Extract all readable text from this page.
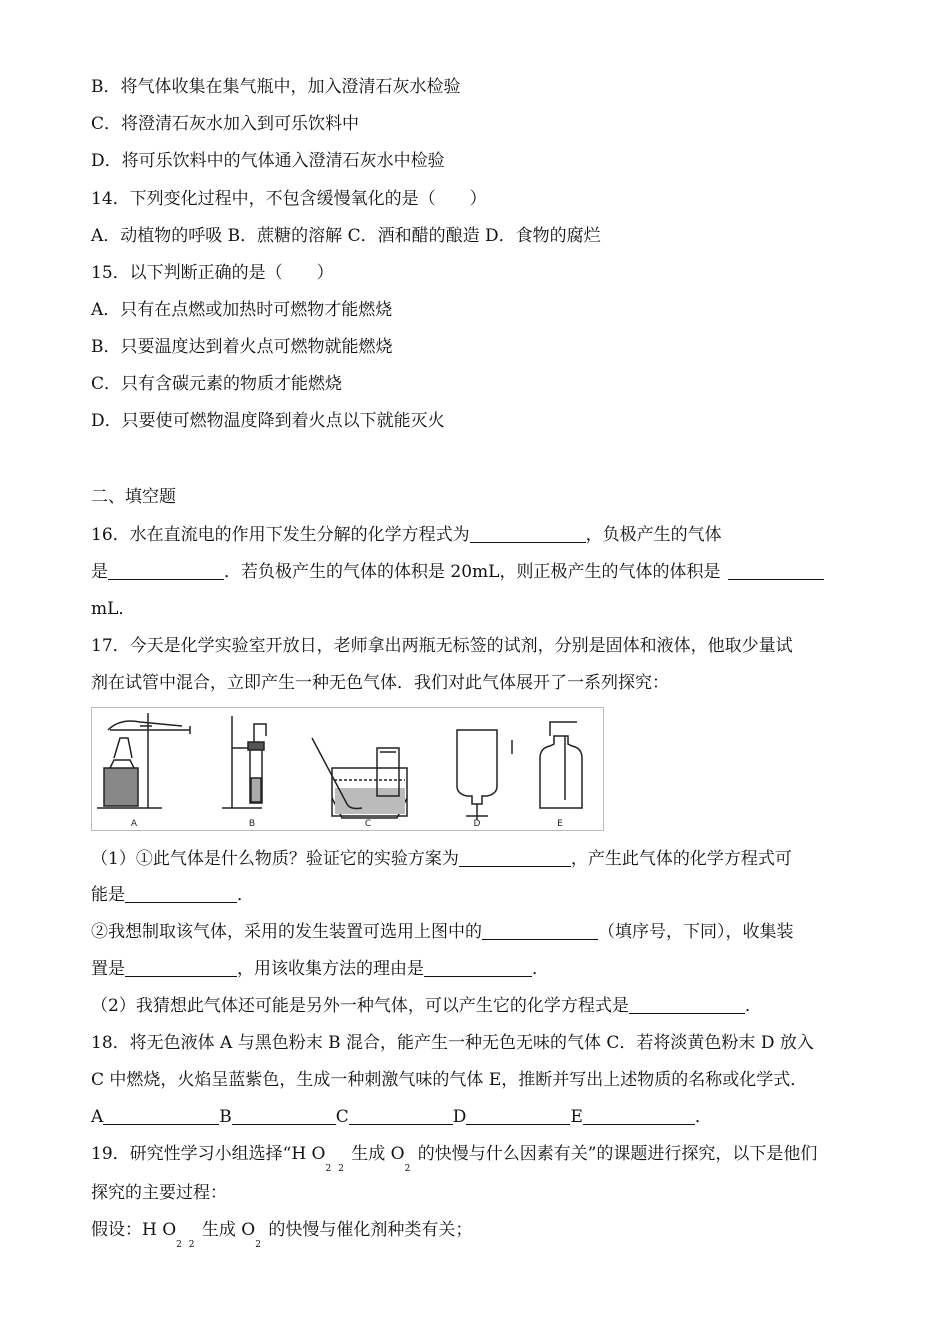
B．将气体收集在集气瓶中，加入澄清石灰水检验
C．将澄清石灰水加入到可乐饮料中
D．将可乐饮料中的气体通入澄清石灰水中检验
14．下列变化过程中，不包含缓慢氧化的是（　　）
A．动植物的呼吸 B．蔗糖的溶解 C．酒和醋的酿造 D．食物的腐烂
15．以下判断正确的是（　　）
A．只有在点燃或加热时可燃物才能燃烧
B．只要温度达到着火点可燃物就能燃烧
C．只有含碳元素的物质才能燃烧
D．只要使可燃物温度降到着火点以下就能灭火
二、填空题
16．水在直流电的作用下发生分解的化学方程式为	，负极产生的气体
是	．若负极产生的气体的体积是 20mL，则正极产生的气体的体积是
mL．
17．今天是化学实验室开放日，老师拿出两瓶无标签的试剂，分别是固体和液体，他取少量试
剂在试管中混合，立即产生一种无色气体．我们对此气体展开了一系列探究：
A	B	C	D	E
（1）①此气体是什么物质？验证它的实验方案为	，产生此气体的化学方程式可
能是	．
②我想制取该气体，采用的发生装置可选用上图中的	（填序号，下同），收集装
置是	，用该收集方法的理由是	．
（2）我猜想此气体还可能是另外一种气体，可以产生它的化学方程式是	．
18．将无色液体 A 与黑色粉末 B 混合，能产生一种无色无味的气体 C．若将淡黄色粉末 D 放入
C 中燃烧，火焰呈蓝紫色，生成一种刺激气味的气体 E，推断并写出上述物质的名称或化学式．
A	B	C	D	E	．
19．研究性学习小组选择“H $O_{2 2}$ 生成 $O_2$ 的快慢与什么因素有关”的课题进行探究，以下是他们
探究的主要过程：
假设：H $O_{2 2}$ 生成 $O_2$ 的快慢与催化剂种类有关；
